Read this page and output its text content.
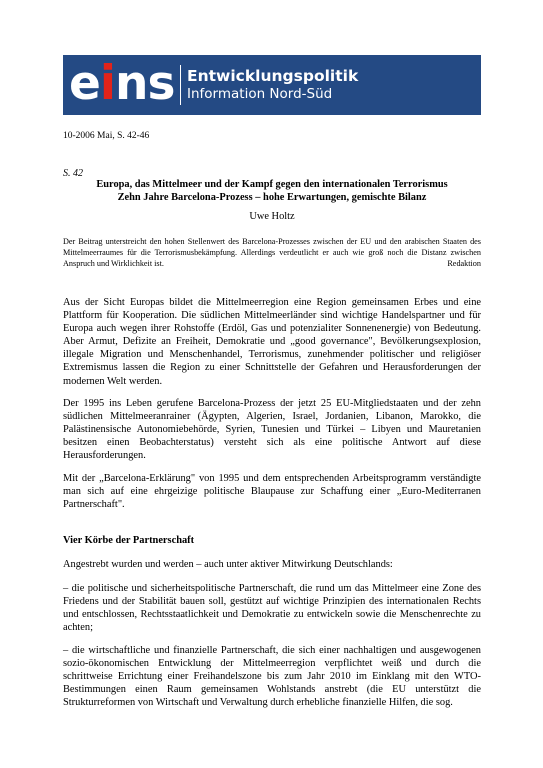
eins Entwicklungspolitik
Information Nord-Süd
10-2006 Mai, S. 42-46
S. 42
Europa, das Mittelmeer und der Kampf gegen den internationalen Terrorismus
Zehn Jahre Barcelona-Prozess – hohe Erwartungen, gemischte Bilanz
Uwe Holtz
Der Beitrag unterstreicht den hohen Stellenwert des Barcelona-Prozesses zwischen der EU und den arabischen Staaten des Mittelmeerraumes für die Terrorismusbekämpfung. Allerdings verdeutlicht er auch wie groß noch die Distanz zwischen Anspruch und Wirklichkeit ist.	Redaktion

Aus der Sicht Europas bildet die Mittelmeerregion eine Region gemeinsamen Erbes und eine Plattform für Kooperation. Die südlichen Mittelmeerländer sind wichtige Handelspartner und für Europa auch wegen ihrer Rohstoffe (Erdöl, Gas und potenzialiter Sonnenenergie) von Bedeutung. Aber Armut, Defizite an Freiheit, Demokratie und „good governance", Bevölkerungsexplosion, illegale Migration und Menschenhandel, Terrorismus, zunehmender politischer und religiöser Extremismus lassen die Region zu einer Schnittstelle der Gefahren und Herausforderungen der modernen Welt werden.

Der 1995 ins Leben gerufene Barcelona-Prozess der jetzt 25 EU-Mitgliedstaaten und der zehn südlichen Mittelmeeranrainer (Ägypten, Algerien, Israel, Jordanien, Libanon, Marokko, die Palästinensische Autonomiebehörde, Syrien, Tunesien und Türkei – Libyen und Mauretanien besitzen einen Beobachterstatus) versteht sich als eine politische Antwort auf diese Herausforderungen.

Mit der „Barcelona-Erklärung" von 1995 und dem entsprechenden Arbeitsprogramm verständigte man sich auf eine ehrgeizige politische Blaupause zur Schaffung einer „Euro-Mediterranen Partnerschaft".

Vier Körbe der Partnerschaft

Angestrebt wurden und werden – auch unter aktiver Mitwirkung Deutschlands:

– die politische und sicherheitspolitische Partnerschaft, die rund um das Mittelmeer eine Zone des Friedens und der Stabilität bauen soll, gestützt auf wichtige Prinzipien des internationalen Rechts und entschlossen, Rechtsstaatlichkeit und Demokratie zu entwickeln sowie die Menschenrechte zu achten;

– die wirtschaftliche und finanzielle Partnerschaft, die sich einer nachhaltigen und ausgewogenen sozio-ökonomischen Entwicklung der Mittelmeerregion verpflichtet weiß und durch die schrittweise Errichtung einer Freihandelszone bis zum Jahr 2010 im Einklang mit den WTO-Bestimmungen einen Raum gemeinsamen Wohlstands anstrebt (die EU unterstützt die Strukturreformen von Wirtschaft und Verwaltung durch erhebliche finanzielle Hilfen, die sog.
